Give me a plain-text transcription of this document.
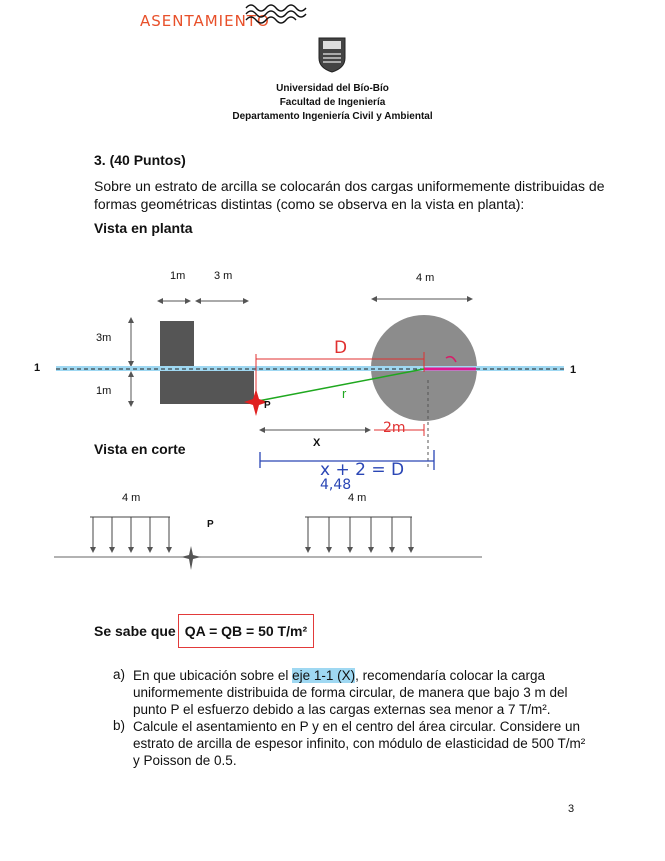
ASENTAMIENTO
Universidad del Bío-Bío
Facultad de Ingeniería
Departamento Ingeniería Civil y Ambiental
3. (40 Puntos)
Sobre un estrato de arcilla se colocarán dos cargas uniformemente distribuidas de
formas geométricas distintas (como se observa en la vista en planta):
Vista en planta
1m	3 m	4 m
3m
1m
1	1
P
X
D
r
2m
x + 2 = D
4,48
Vista en corte
4 m	4 m
P
Se sabe que QA = QB = 50 T/m²
a) En que ubicación sobre el eje 1-1 (X), recomendaría colocar la carga
uniformemente distribuida de forma circular, de manera que bajo 3 m del
punto P el esfuerzo debido a las cargas externas sea menor a 7 T/m².
b) Calcule el asentamiento en P y en el centro del área circular. Considere un
estrato de arcilla de espesor infinito, con módulo de elasticidad de 500 T/m²
y Poisson de 0.5.
3
